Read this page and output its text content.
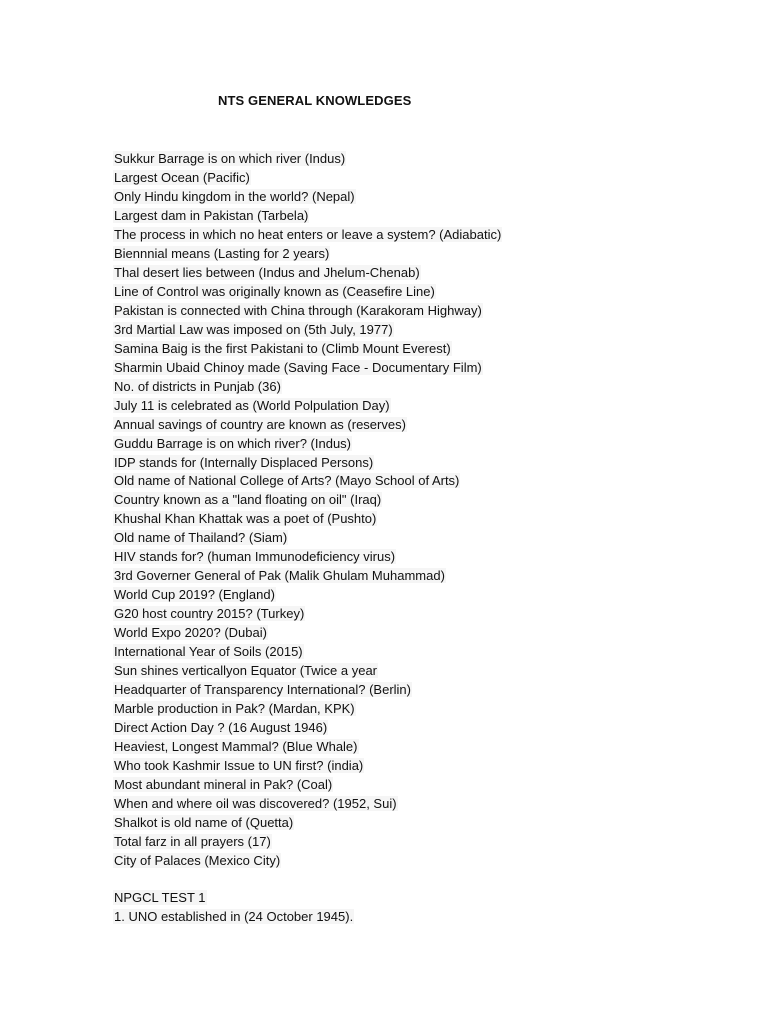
NTS GENERAL KNOWLEDGES
Sukkur Barrage is on which river (Indus)
Largest Ocean (Pacific)
Only Hindu kingdom in the world? (Nepal)
Largest dam in Pakistan (Tarbela)
The process in which no heat enters or leave a system? (Adiabatic)
Biennnial means (Lasting for 2 years)
Thal desert lies between (Indus and Jhelum-Chenab)
Line of Control was originally known as (Ceasefire Line)
Pakistan is connected with China through (Karakoram Highway)
3rd Martial Law was imposed on (5th July, 1977)
Samina Baig is the first Pakistani to (Climb Mount Everest)
Sharmin Ubaid Chinoy made (Saving Face - Documentary Film)
No. of districts in Punjab (36)
July 11 is celebrated as (World Polpulation Day)
Annual savings of country are known as (reserves)
Guddu Barrage is on which river? (Indus)
IDP stands for (Internally Displaced Persons)
Old name of National College of Arts? (Mayo School of Arts)
Country known as a "land floating on oil" (Iraq)
Khushal Khan Khattak was a poet of (Pushto)
Old name of Thailand? (Siam)
HIV stands for? (human Immunodeficiency virus)
3rd Governer General of Pak (Malik Ghulam Muhammad)
World Cup 2019? (England)
G20 host country 2015? (Turkey)
World Expo 2020? (Dubai)
International Year of Soils (2015)
Sun shines verticallyon Equator (Twice a year
Headquarter of Transparency International? (Berlin)
Marble production in Pak? (Mardan, KPK)
Direct Action Day ? (16 August 1946)
Heaviest, Longest Mammal? (Blue Whale)
Who took Kashmir Issue to UN first? (india)
Most abundant mineral in Pak? (Coal)
When and where oil was discovered? (1952, Sui)
Shalkot is old name of (Quetta)
Total farz in all prayers (17)
City of Palaces (Mexico City)
NPGCL TEST 1
1. UNO established in (24 October 1945).
